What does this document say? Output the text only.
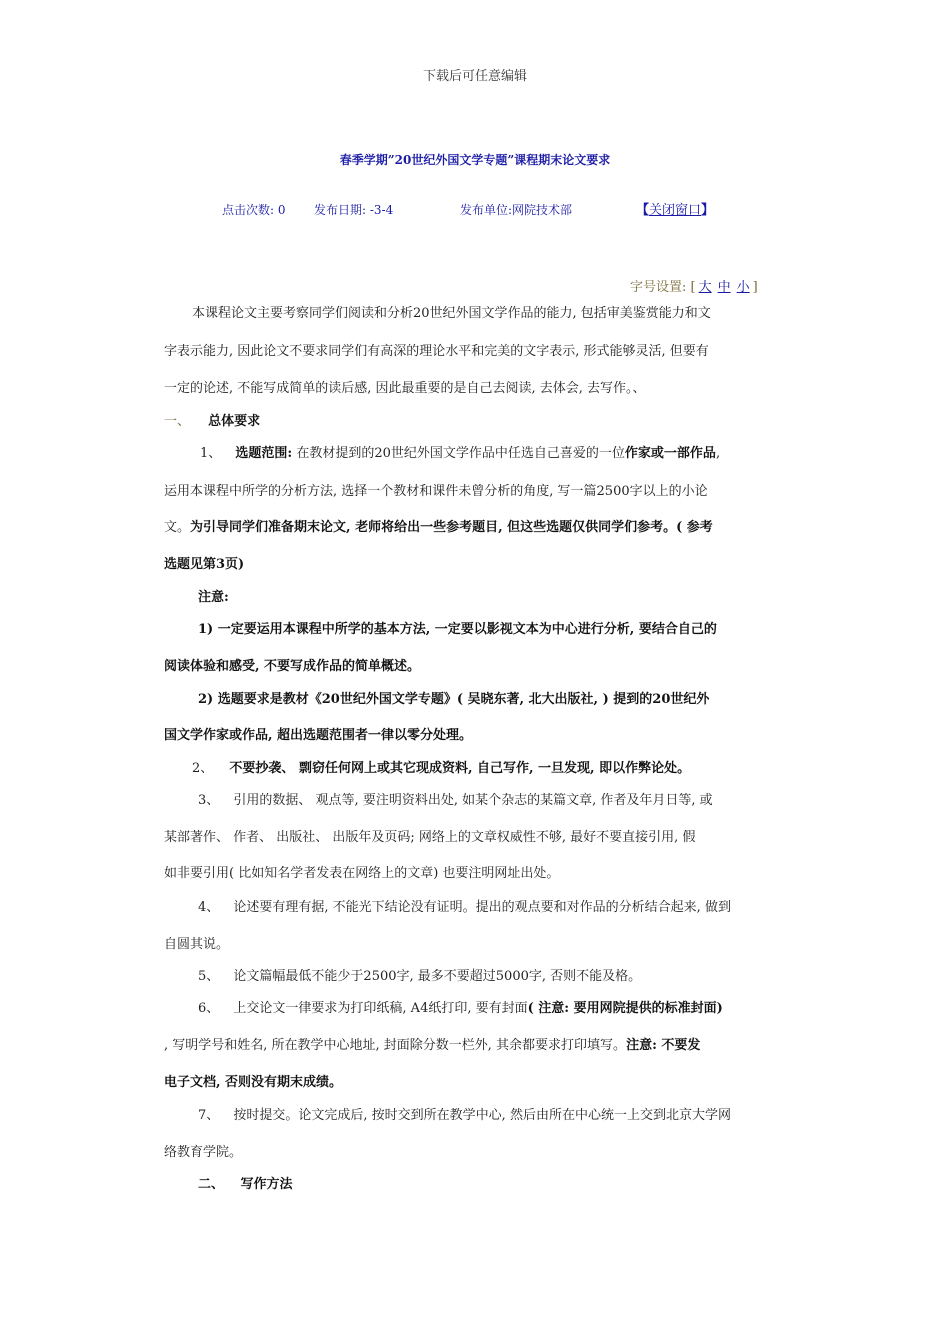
下载后可任意编辑
春季学期”20世纪外国文学专题”课程期末论文要求
点击次数: 0 发布日期: -3-4	发布单位:网院技术部	【关闭窗口】
字号设置: [ 大 中 小 ]
本课程论文主要考察同学们阅读和分析20世纪外国文学作品的能力, 包括审美鉴赏能力和文
字表示能力, 因此论文不要求同学们有高深的理论水平和完美的文字表示, 形式能够灵活, 但要有
一定的论述, 不能写成简单的读后感, 因此最重要的是自己去阅读, 去体会, 去写作。、
一、 总体要求
1、 选题范围: 在教材提到的20世纪外国文学作品中任选自己喜爱的一位作家或一部作品,
运用本课程中所学的分析方法, 选择一个教材和课件未曾分析的角度, 写一篇2500字以上的小论
文。为引导同学们准备期末论文, 老师将给出一些参考题目, 但这些选题仅供同学们参考。( 参考
选题见第3页)
注意:
1) 一定要运用本课程中所学的基本方法, 一定要以影视文本为中心进行分析, 要结合自己的
阅读体验和感受, 不要写成作品的简单概述。
2) 选题要求是教材《20世纪外国文学专题》( 吴晓东著, 北大出版社, ) 提到的20世纪外
国文学作家或作品, 超出选题范围者一律以零分处理。
2、 不要抄袭、 剽窃任何网上或其它现成资料, 自己写作, 一旦发现, 即以作弊论处。
3、 引用的数据、 观点等, 要注明资料出处, 如某个杂志的某篇文章, 作者及年月日等, 或
某部著作、 作者、 出版社、 出版年及页码; 网络上的文章权威性不够, 最好不要直接引用, 假
如非要引用( 比如知名学者发表在网络上的文章) 也要注明网址出处。
4、 论述要有理有据, 不能光下结论没有证明。提出的观点要和对作品的分析结合起来, 做到
自圆其说。
5、 论文篇幅最低不能少于2500字, 最多不要超过5000字, 否则不能及格。
6、 上交论文一律要求为打印纸稿, A4纸打印, 要有封面( 注意: 要用网院提供的标准封面)
, 写明学号和姓名, 所在教学中心地址, 封面除分数一栏外, 其余都要求打印填写。注意: 不要发
电子文档, 否则没有期末成绩。
7、 按时提交。论文完成后, 按时交到所在教学中心, 然后由所在中心统一上交到北京大学网
络教育学院。
二、 写作方法
